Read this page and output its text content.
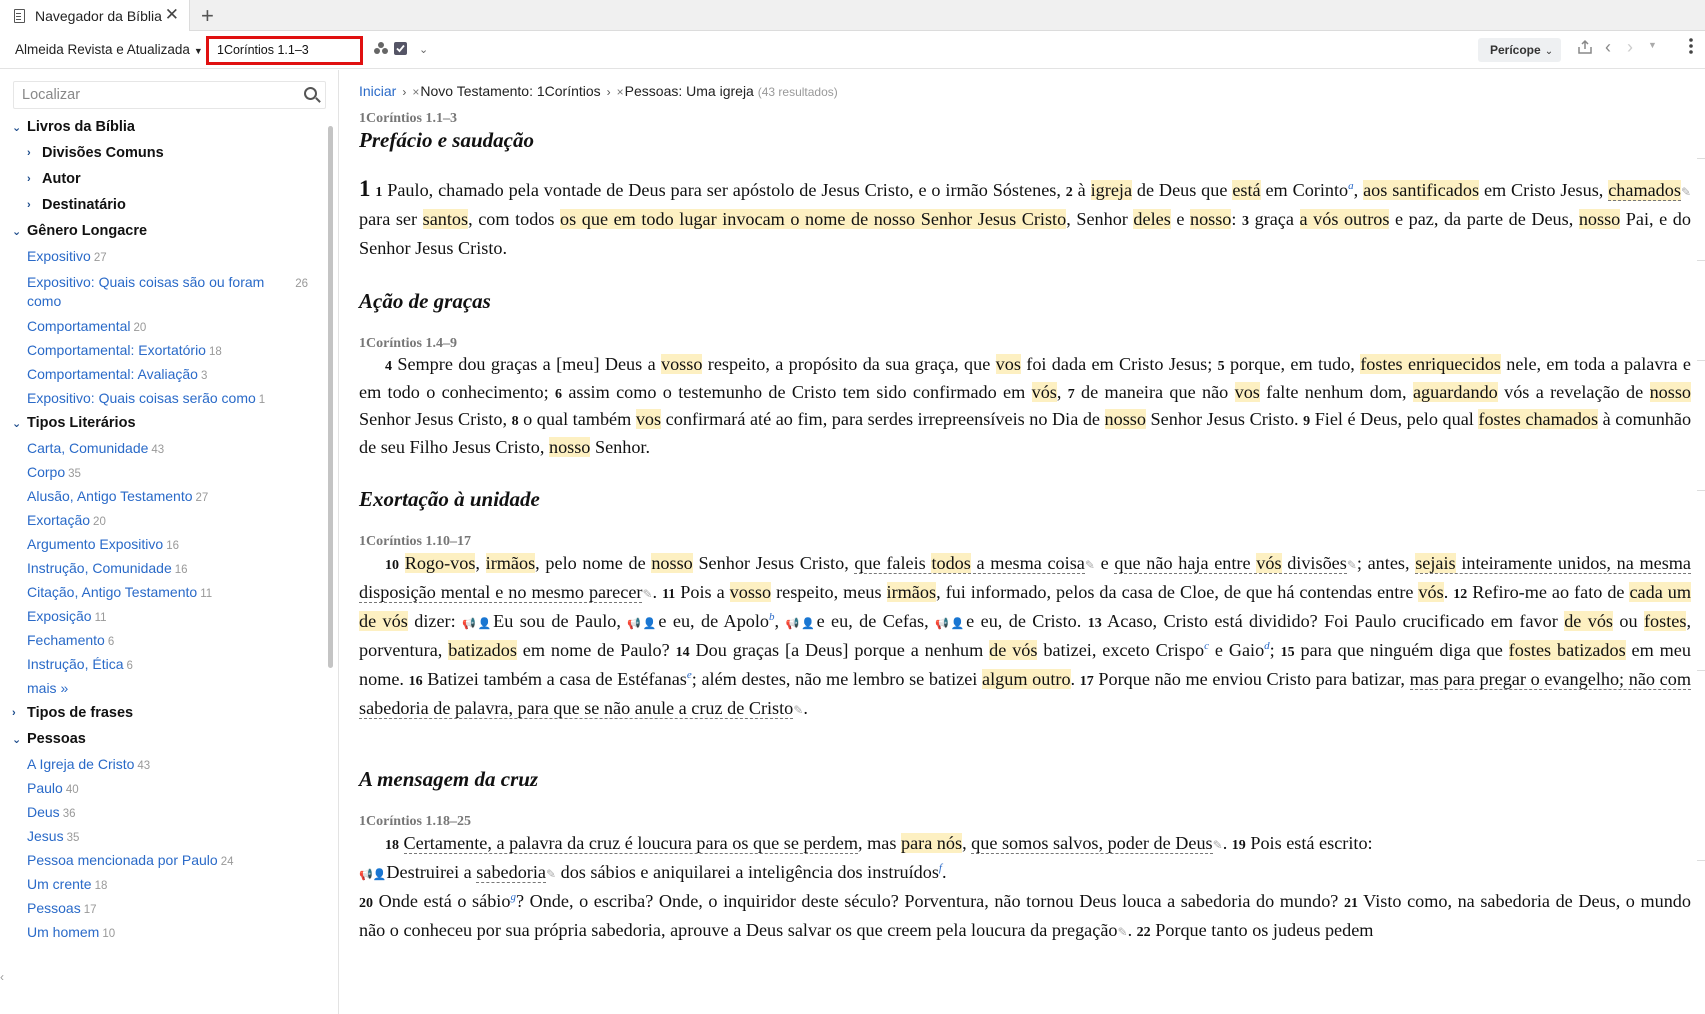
Navegador da Bíblia ✕ +
Almeida Revista e Atualizada ▼	1Coríntios 1.1–3	⌄	Perícope ⌄	‹ › ▼
Localizar
⌄ Livros da Bíblia
› Divisões Comuns
› Autor
› Destinatário
⌄ Gênero Longacre
Expositivo 27
Expositivo: Quais coisas são ou foram como
26
Comportamental 20
Comportamental: Exortatório 18
Comportamental: Avaliação 3
Expositivo: Quais coisas serão como 1
⌄ Tipos Literários
Carta, Comunidade 43
Corpo 35
Alusão, Antigo Testamento 27
Exortação 20
Argumento Expositivo 16
Instrução, Comunidade 16
Citação, Antigo Testamento 11
Exposição 11
Fechamento 6
Instrução, Ética 6
mais »
› Tipos de frases
⌄ Pessoas
A Igreja de Cristo 43
Paulo 40
Deus 36
Jesus 35
Pessoa mencionada por Paulo 24
Um crente 18
Pessoas 17
Um homem 10
‹
Iniciar › ×Novo Testamento: 1Coríntios › ×Pessoas: Uma igreja (43 resultados)
1Coríntios 1.1–3
Prefácio e saudação
1 1 Paulo, chamado pela vontade de Deus para ser apóstolo de Jesus Cristo, e o irmão Sóstenes, 2 à igreja de Deus que está em Corinto$^a$, aos santificados em Cristo Jesus, chamados✎ para ser santos, com todos os que em todo lugar invocam o nome de nosso Senhor Jesus Cristo, Senhor deles e nosso: 3 graça a vós outros e paz, da parte de Deus, nosso Pai, e do Senhor Jesus Cristo.
Ação de graças
1Coríntios 1.4–9
4 Sempre dou graças a [meu] Deus a vosso respeito, a propósito da sua graça, que vos foi dada em Cristo Jesus; 5 porque, em tudo, fostes enriquecidos nele, em toda a palavra e em todo o conhecimento; 6 assim como o testemunho de Cristo tem sido confirmado em vós, 7 de maneira que não vos falte nenhum dom, aguardando vós a revelação de nosso Senhor Jesus Cristo, 8 o qual também vos confirmará até ao fim, para serdes irrepreensíveis no Dia de nosso Senhor Jesus Cristo. 9 Fiel é Deus, pelo qual fostes chamados à comunhão de seu Filho Jesus Cristo, nosso Senhor.
Exortação à unidade
1Coríntios 1.10–17
10 Rogo-vos, irmãos, pelo nome de nosso Senhor Jesus Cristo, que faleis todos a mesma coisa✎ e que não haja entre vós divisões✎; antes, sejais inteiramente unidos, na mesma disposição mental e no mesmo parecer✎. 11 Pois a vosso respeito, meus irmãos, fui informado, pelos da casa de Cloe, de que há contendas entre vós. 12 Refiro-me ao fato de cada um de vós dizer: 📢👤Eu sou de Paulo, 📢👤e eu, de Apolo$^b$, 📢👤e eu, de Cefas, 📢👤e eu, de Cristo. 13 Acaso, Cristo está dividido? Foi Paulo crucificado em favor de vós ou fostes, porventura, batizados em nome de Paulo? 14 Dou graças [a Deus] porque a nenhum de vós batizei, exceto Crispo$^c$ e Gaio$^d$; 15 para que ninguém diga que fostes batizados em meu nome. 16 Batizei também a casa de Estéfanas$^e$; além destes, não me lembro se batizei algum outro. 17 Porque não me enviou Cristo para batizar, mas para pregar o evangelho; não com sabedoria de palavra, para que se não anule a cruz de Cristo✎.
A mensagem da cruz
1Coríntios 1.18–25
18 Certamente, a palavra da cruz é loucura para os que se perdem, mas para nós, que somos salvos, poder de Deus✎. 19 Pois está escrito:
📢👤Destruirei a sabedoria✎ dos sábios e aniquilarei a inteligência dos instruídos$^f$.
20 Onde está o sábio$^g$? Onde, o escriba? Onde, o inquiridor deste século? Porventura, não tornou Deus louca a sabedoria do mundo? 21 Visto como, na sabedoria de Deus, o mundo não o conheceu por sua própria sabedoria, aprouve a Deus salvar os que creem pela loucura da pregação✎. 22 Porque tanto os judeus pedem
